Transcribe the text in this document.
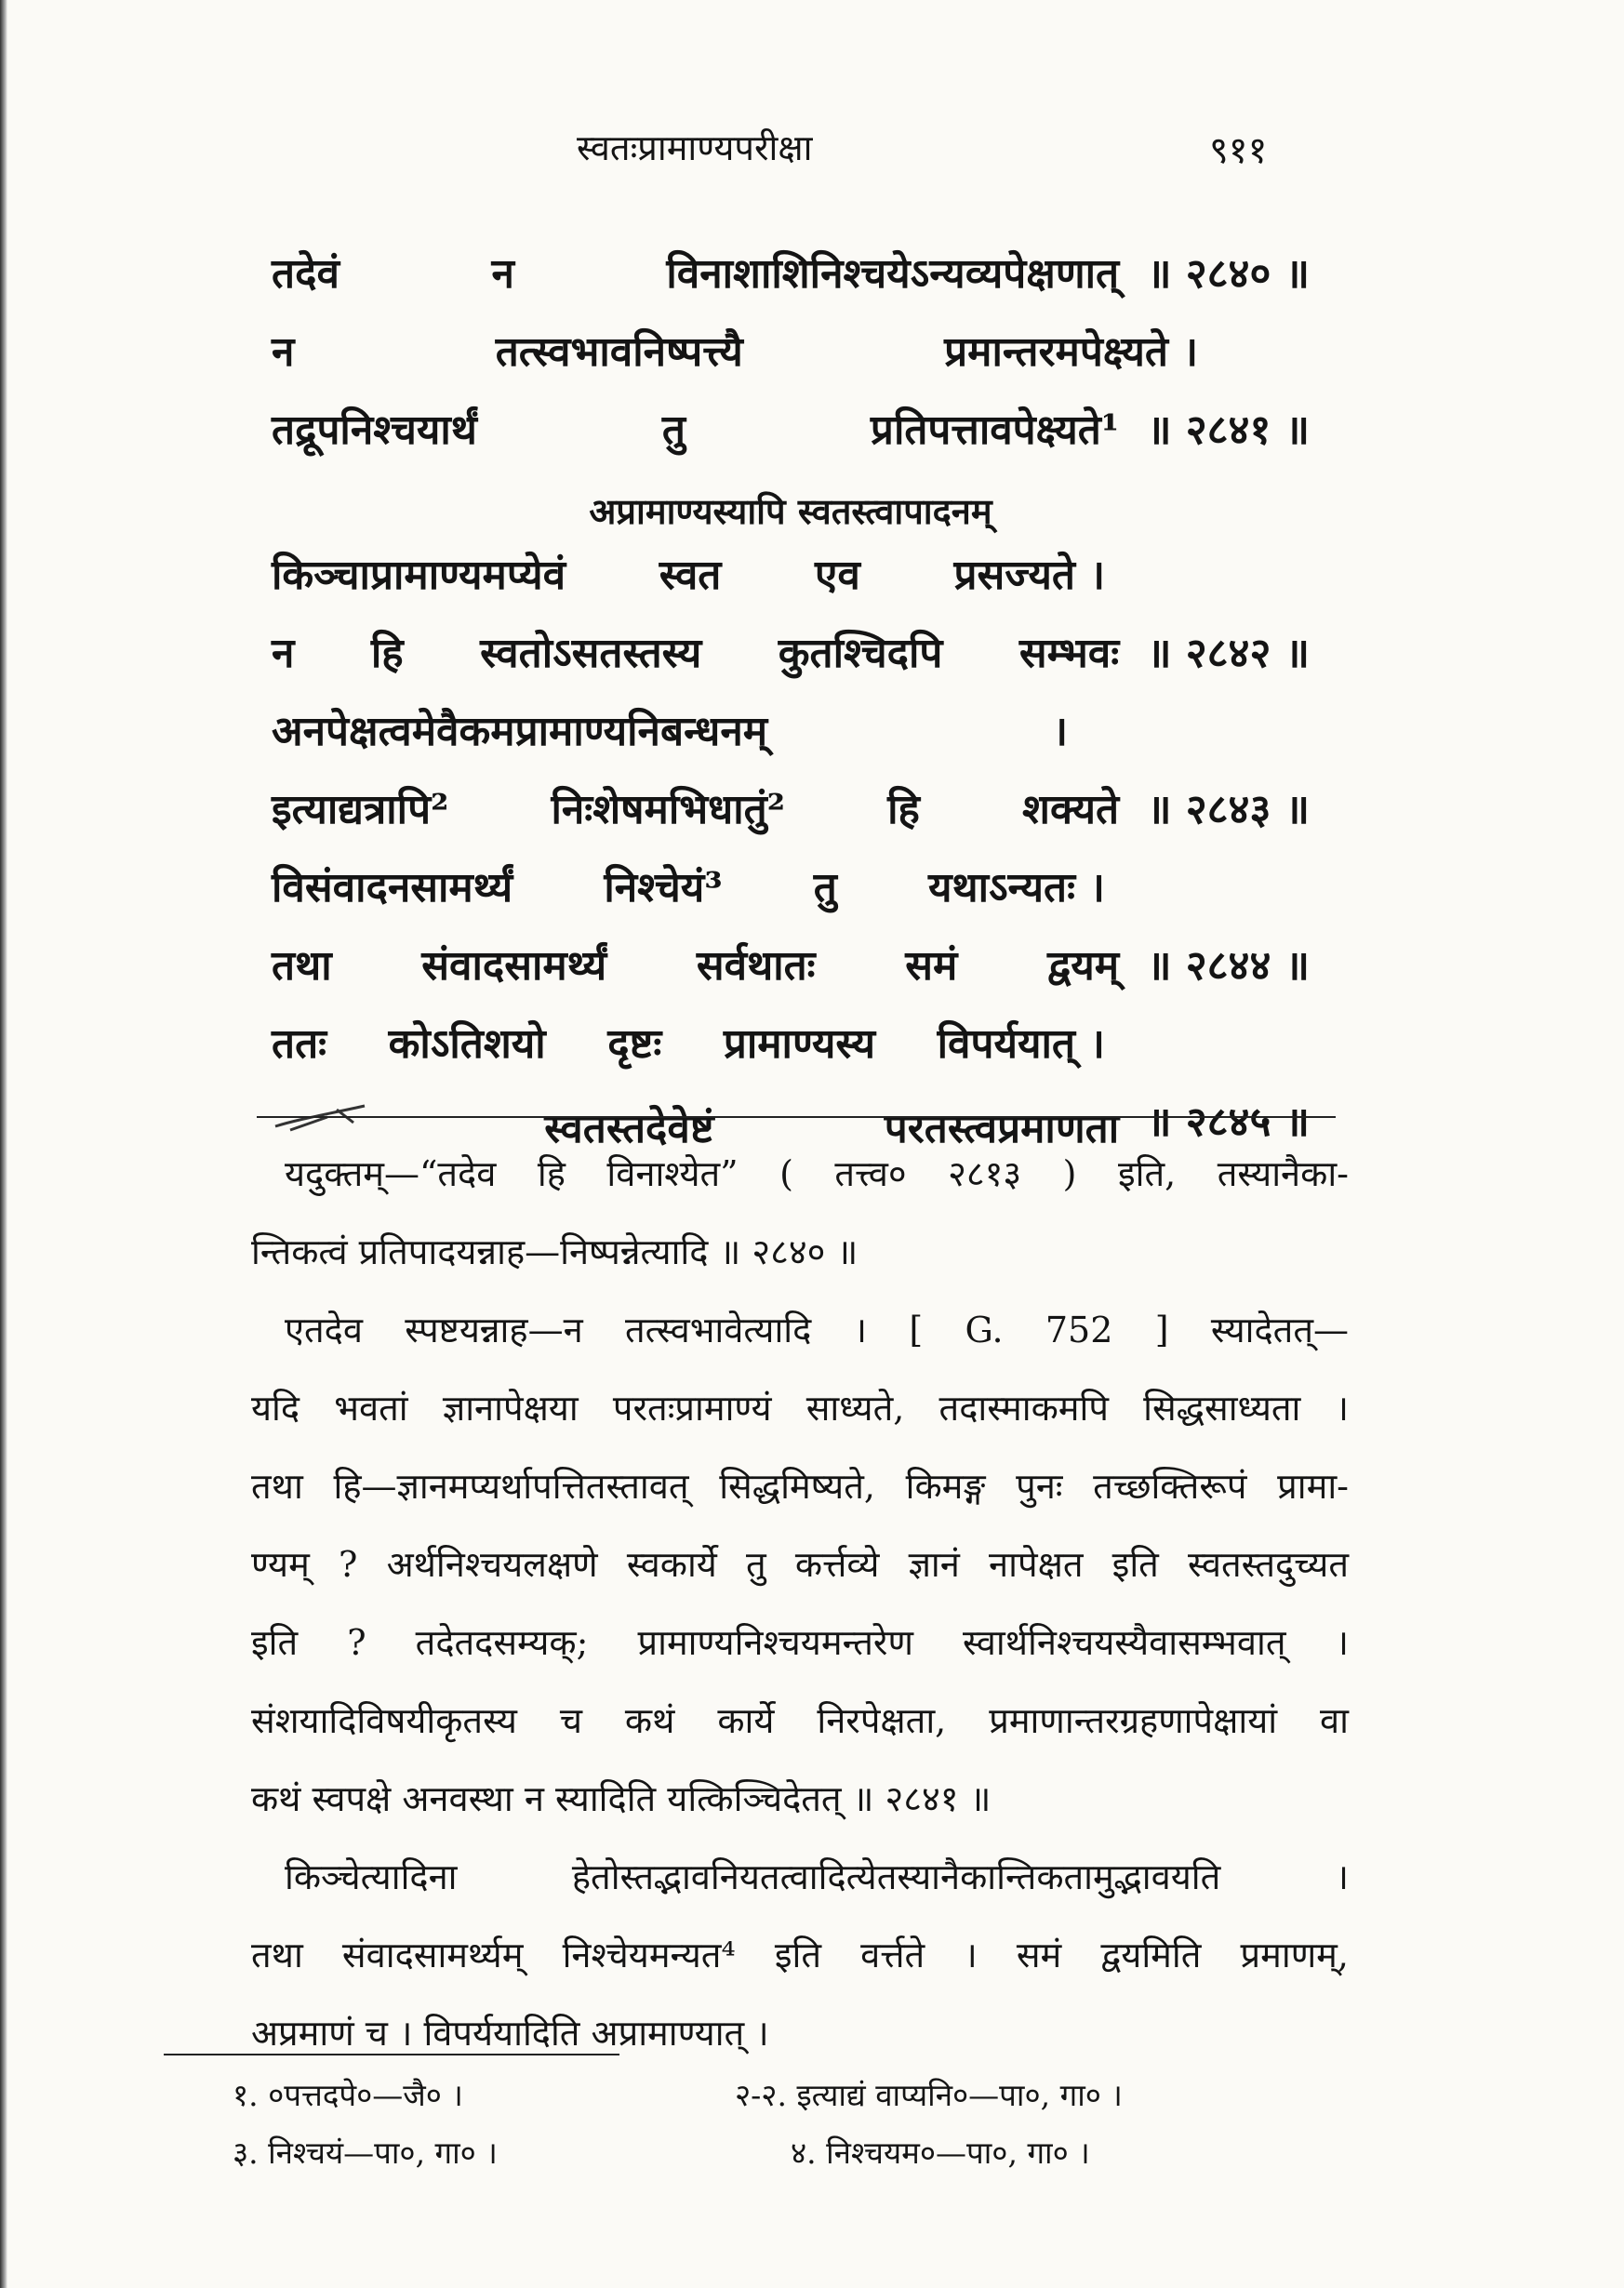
स्वतःप्रामाण्यपरीक्षा	९११
तदेवं	न	विनाशाशिनिश्चयेऽन्यव्यपेक्षणात् ॥ २८४० ॥
न	तत्स्वभावनिष्पत्त्यै	प्रमान्तरमपेक्ष्यते ।
तद्रूपनिश्चयार्थं	तु	प्रतिपत्तावपेक्ष्यते¹ ॥ २८४१ ॥
अप्रामाण्यस्यापि स्वतस्त्वापादनम्
किञ्चाप्रामाण्यमप्येवं स्वत एव प्रसज्यते ।
न हि स्वतोऽसतस्तस्य कुतश्चिदपि सम्भवः ॥ २८४२ ॥
अनपेक्षत्वमेवैकमप्रामाण्यनिबन्धनम्	।
इत्याद्यत्रापि²	निःशेषमभिधातुं²	हि	शक्यते ॥ २८४३ ॥
विसंवादनसामर्थ्यं निश्चेयं³ तु यथाऽन्यतः ।
तथा संवादसामर्थ्यं सर्वथातः समं द्वयम् ॥ २८४४ ॥
ततः कोऽतिशयो दृष्टः प्रामाण्यस्य विपर्ययात् ।
स्वतस्तदेवेष्टं	परतस्त्वप्रमाणता ॥ २८४५ ॥
यदुक्तम्—“तदेव हि विनाश्येत” ( तत्त्व० २८१३ ) इति, तस्यानैका-
न्तिकत्वं प्रतिपादयन्नाह—निष्पन्नेत्यादि ॥ २८४० ॥
एतदेव स्पष्टयन्नाह—न तत्स्वभावेत्यादि । [ G. 752 ] स्यादेतत्—
यदि भवतां ज्ञानापेक्षया परतःप्रामाण्यं साध्यते, तदास्माकमपि सिद्धसाध्यता ।
तथा हि—ज्ञानमप्यर्थापत्तितस्तावत् सिद्धमिष्यते, किमङ्ग पुनः तच्छक्तिरूपं प्रामा-
ण्यम् ? अर्थनिश्चयलक्षणे स्वकार्ये तु कर्त्तव्ये ज्ञानं नापेक्षत इति स्वतस्तदुच्यत
इति ? तदेतदसम्यक्; प्रामाण्यनिश्चयमन्तरेण स्वार्थनिश्चयस्यैवासम्भवात् ।
संशयादिविषयीकृतस्य च कथं कार्ये निरपेक्षता, प्रमाणान्तरग्रहणापेक्षायां वा
कथं स्वपक्षे अनवस्था न स्यादिति यत्किञ्चिदेतत् ॥ २८४१ ॥
किञ्चेत्यादिना हेतोस्तद्भावनियतत्वादित्येतस्यानैकान्तिकतामुद्भावयति ।
तथा संवादसामर्थ्यम् निश्चेयमन्यत⁴ इति वर्त्तते । समं द्वयमिति प्रमाणम्,
अप्रमाणं च । विपर्ययादिति अप्रामाण्यात् ।
१. ०पत्तदपे०—जै० ।	२-२. इत्याद्यं वाप्यनि०—पा०, गा० ।
३. निश्चयं—पा०, गा० ।	४. निश्चयम०—पा०, गा० ।
